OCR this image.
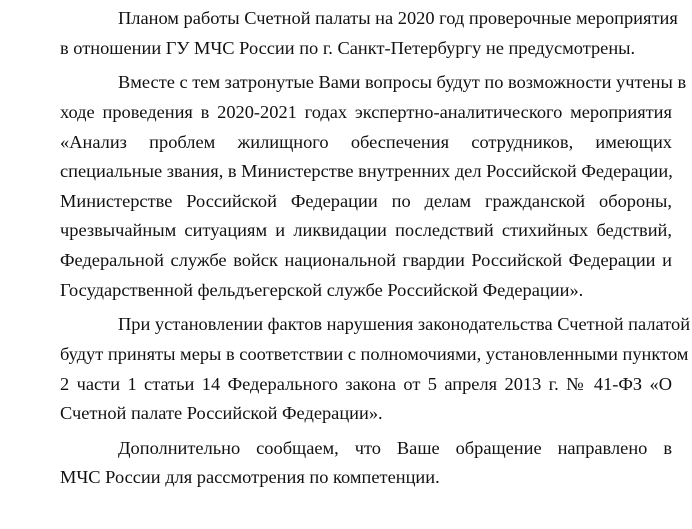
Планом работы Счетной палаты на 2020 год проверочные мероприятия
в отношении ГУ МЧС России по г. Санкт-Петербургу не предусмотрены.
Вместе с тем затронутые Вами вопросы будут по возможности учтены в
ходе проведения в 2020-2021 годах экспертно-аналитического мероприятия
«Анализ проблем жилищного обеспечения сотрудников, имеющих
специальные звания, в Министерстве внутренних дел Российской Федерации,
Министерстве Российской Федерации по делам гражданской обороны,
чрезвычайным ситуациям и ликвидации последствий стихийных бедствий,
Федеральной службе войск национальной гвардии Российской Федерации и
Государственной фельдъегерской службе Российской Федерации».
При установлении фактов нарушения законодательства Счетной палатой
будут приняты меры в соответствии с полномочиями, установленными пунктом
2 части 1 статьи 14 Федерального закона от 5 апреля 2013 г. № 41-ФЗ «О
Счетной палате Российской Федерации».
Дополнительно сообщаем, что Ваше обращение направлено в
МЧС России для рассмотрения по компетенции.
